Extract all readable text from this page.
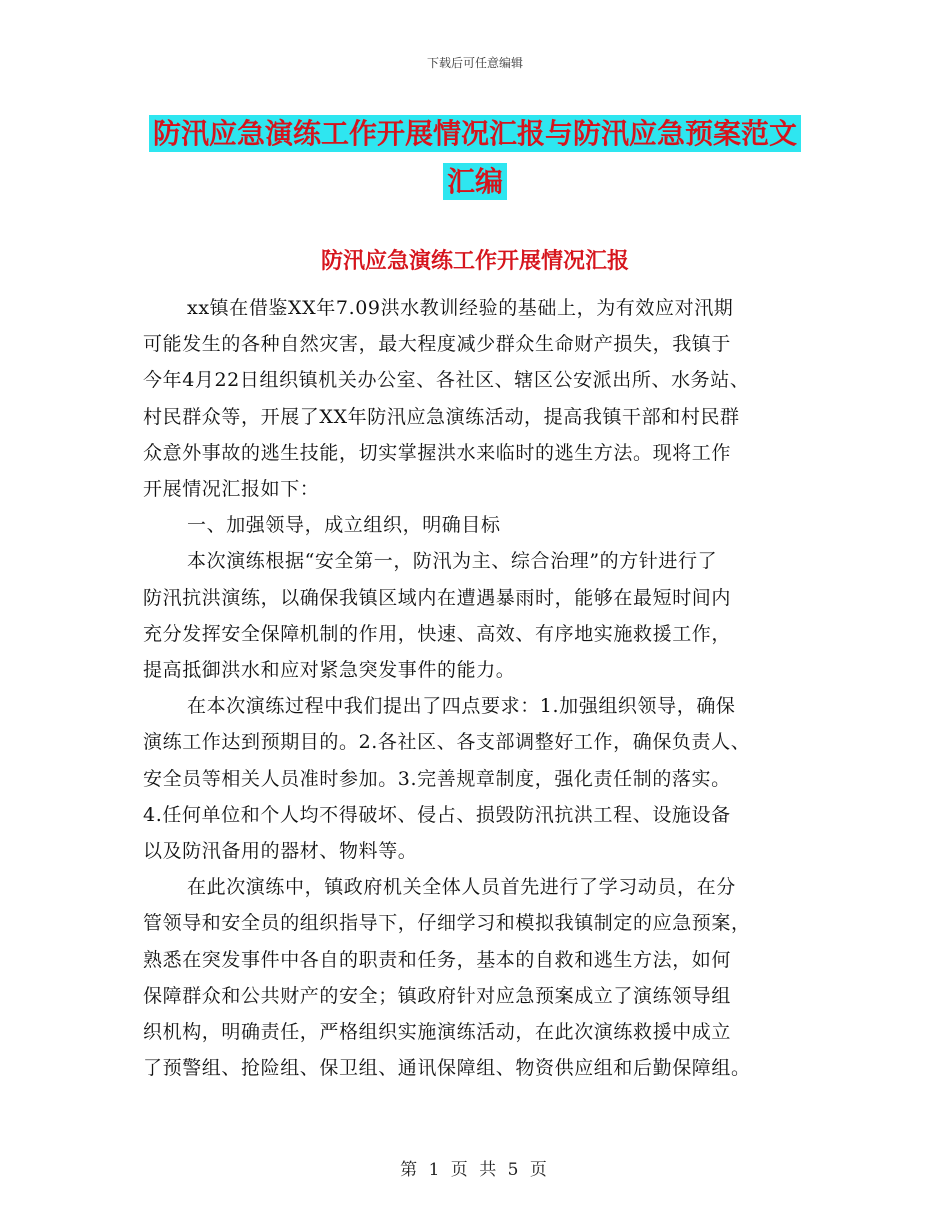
下载后可任意编辑
防汛应急演练工作开展情况汇报与防汛应急预案范文
汇编
防汛应急演练工作开展情况汇报

xx镇在借鉴XX年7.09洪水教训经验的基础上，为有效应对汛期

可能发生的各种自然灾害，最大程度减少群众生命财产损失，我镇于

今年4月22日组织镇机关办公室、各社区、辖区公安派出所、水务站、

村民群众等，开展了XX年防汛应急演练活动，提高我镇干部和村民群

众意外事故的逃生技能，切实掌握洪水来临时的逃生方法。现将工作

开展情况汇报如下：

一、加强领导，成立组织，明确目标

本次演练根据“安全第一，防汛为主、综合治理”的方针进行了

防汛抗洪演练，以确保我镇区域内在遭遇暴雨时，能够在最短时间内

充分发挥安全保障机制的作用，快速、高效、有序地实施救援工作，

提高抵御洪水和应对紧急突发事件的能力。

在本次演练过程中我们提出了四点要求：1.加强组织领导，确保

演练工作达到预期目的。2.各社区、各支部调整好工作，确保负责人、

安全员等相关人员准时参加。3.完善规章制度，强化责任制的落实。

4.任何单位和个人均不得破坏、侵占、损毁防汛抗洪工程、设施设备

以及防汛备用的器材、物料等。

在此次演练中，镇政府机关全体人员首先进行了学习动员，在分

管领导和安全员的组织指导下，仔细学习和模拟我镇制定的应急预案，

熟悉在突发事件中各自的职责和任务，基本的自救和逃生方法，如何

保障群众和公共财产的安全；镇政府针对应急预案成立了演练领导组

织机构，明确责任，严格组织实施演练活动，在此次演练救援中成立

了预警组、抢险组、保卫组、通讯保障组、物资供应组和后勤保障组。

第 1 页 共 5 页
